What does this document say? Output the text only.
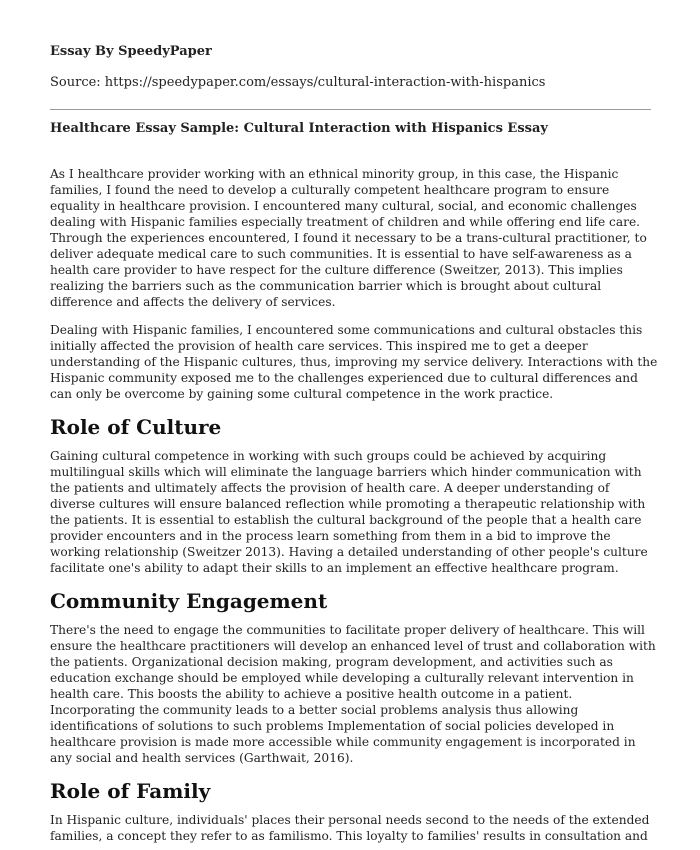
Essay By SpeedyPaper
Source: https://speedypaper.com/essays/cultural-interaction-with-hispanics
Healthcare Essay Sample: Cultural Interaction with Hispanics Essay

As I healthcare provider working with an ethnical minority group, in this case, the Hispanic families, I found the need to develop a culturally competent healthcare program to ensure equality in healthcare provision. I encountered many cultural, social, and economic challenges dealing with Hispanic families especially treatment of children and while offering end life care. Through the experiences encountered, I found it necessary to be a trans-cultural practitioner, to deliver adequate medical care to such communities. It is essential to have self-awareness as a health care provider to have respect for the culture difference (Sweitzer, 2013). This implies realizing the barriers such as the communication barrier which is brought about cultural difference and affects the delivery of services.

Dealing with Hispanic families, I encountered some communications and cultural obstacles this initially affected the provision of health care services. This inspired me to get a deeper understanding of the Hispanic cultures, thus, improving my service delivery. Interactions with the Hispanic community exposed me to the challenges experienced due to cultural differences and can only be overcome by gaining some cultural competence in the work practice.

Role of Culture

Gaining cultural competence in working with such groups could be achieved by acquiring multilingual skills which will eliminate the language barriers which hinder communication with the patients and ultimately affects the provision of health care. A deeper understanding of diverse cultures will ensure balanced reflection while promoting a therapeutic relationship with the patients. It is essential to establish the cultural background of the people that a health care provider encounters and in the process learn something from them in a bid to improve the working relationship (Sweitzer 2013). Having a detailed understanding of other people's culture facilitate one's ability to adapt their skills to an implement an effective healthcare program.

Community Engagement

There's the need to engage the communities to facilitate proper delivery of healthcare. This will ensure the healthcare practitioners will develop an enhanced level of trust and collaboration with the patients. Organizational decision making, program development, and activities such as education exchange should be employed while developing a culturally relevant intervention in health care. This boosts the ability to achieve a positive health outcome in a patient. Incorporating the community leads to a better social problems analysis thus allowing identifications of solutions to such problems Implementation of social policies developed in healthcare provision is made more accessible while community engagement is incorporated in any social and health services (Garthwait, 2016).

Role of Family

In Hispanic culture, individuals' places their personal needs second to the needs of the extended families, a concept they refer to as familismo. This loyalty to families' results in consultation and
